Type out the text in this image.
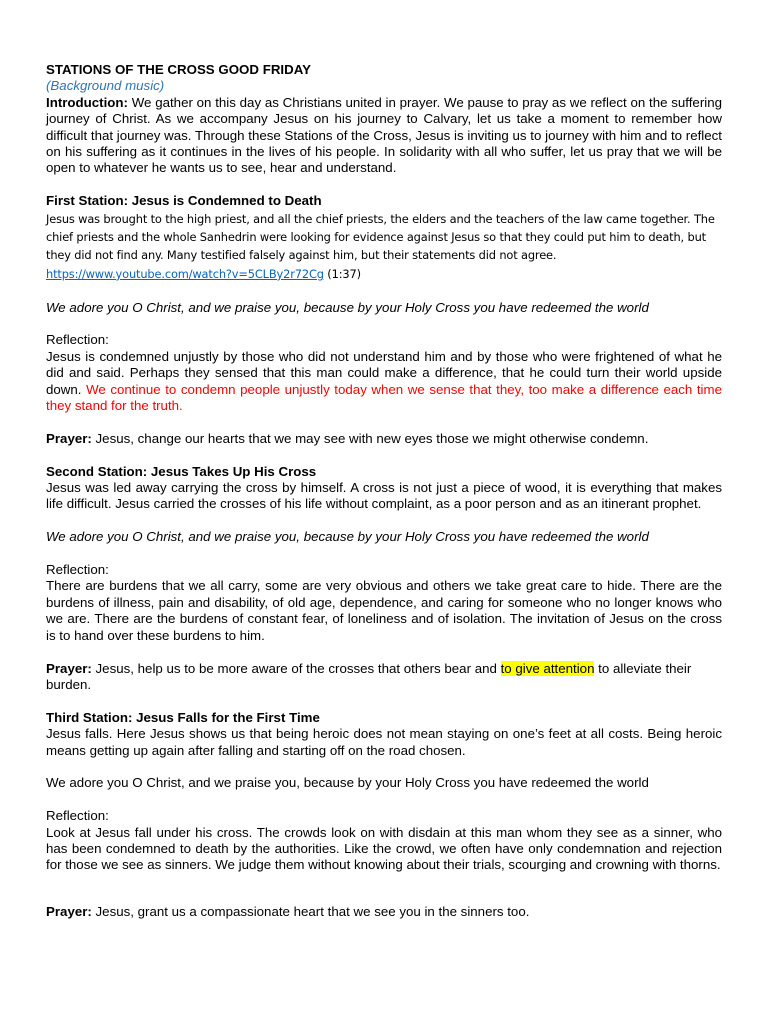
STATIONS OF THE CROSS GOOD FRIDAY

(Background music)

Introduction: We gather on this day as Christians united in prayer. We pause to pray as we reflect on the suffering journey of Christ. As we accompany Jesus on his journey to Calvary, let us take a moment to remember how difficult that journey was. Through these Stations of the Cross, Jesus is inviting us to journey with him and to reflect on his suffering as it continues in the lives of his people. In solidarity with all who suffer, let us pray that we will be open to whatever he wants us to see, hear and understand.

First Station: Jesus is Condemned to Death

Jesus was brought to the high priest, and all the chief priests, the elders and the teachers of the law came together. The chief priests and the whole Sanhedrin were looking for evidence against Jesus so that they could put him to death, but they did not find any. Many testified falsely against him, but their statements did not agree.
https://www.youtube.com/watch?v=5CLBy2r72Cg (1:37)

We adore you O Christ, and we praise you, because by your Holy Cross you have redeemed the world

Reflection:

Jesus is condemned unjustly by those who did not understand him and by those who were frightened of what he did and said. Perhaps they sensed that this man could make a difference, that he could turn their world upside down. We continue to condemn people unjustly today when we sense that they, too make a difference each time they stand for the truth.

Prayer: Jesus, change our hearts that we may see with new eyes those we might otherwise condemn.

Second Station: Jesus Takes Up His Cross

Jesus was led away carrying the cross by himself. A cross is not just a piece of wood, it is everything that makes life difficult. Jesus carried the crosses of his life without complaint, as a poor person and as an itinerant prophet.

We adore you O Christ, and we praise you, because by your Holy Cross you have redeemed the world

Reflection:

There are burdens that we all carry, some are very obvious and others we take great care to hide. There are the burdens of illness, pain and disability, of old age, dependence, and caring for someone who no longer knows who we are. There are the burdens of constant fear, of loneliness and of isolation. The invitation of Jesus on the cross is to hand over these burdens to him.

Prayer: Jesus, help us to be more aware of the crosses that others bear and to give attention to alleviate their burden.

Third Station: Jesus Falls for the First Time

Jesus falls. Here Jesus shows us that being heroic does not mean staying on one’s feet at all costs. Being heroic means getting up again after falling and starting off on the road chosen.

We adore you O Christ, and we praise you, because by your Holy Cross you have redeemed the world

Reflection:

Look at Jesus fall under his cross. The crowds look on with disdain at this man whom they see as a sinner, who has been condemned to death by the authorities. Like the crowd, we often have only condemnation and rejection for those we see as sinners. We judge them without knowing about their trials, scourging and crowning with thorns.

Prayer: Jesus, grant us a compassionate heart that we see you in the sinners too.
